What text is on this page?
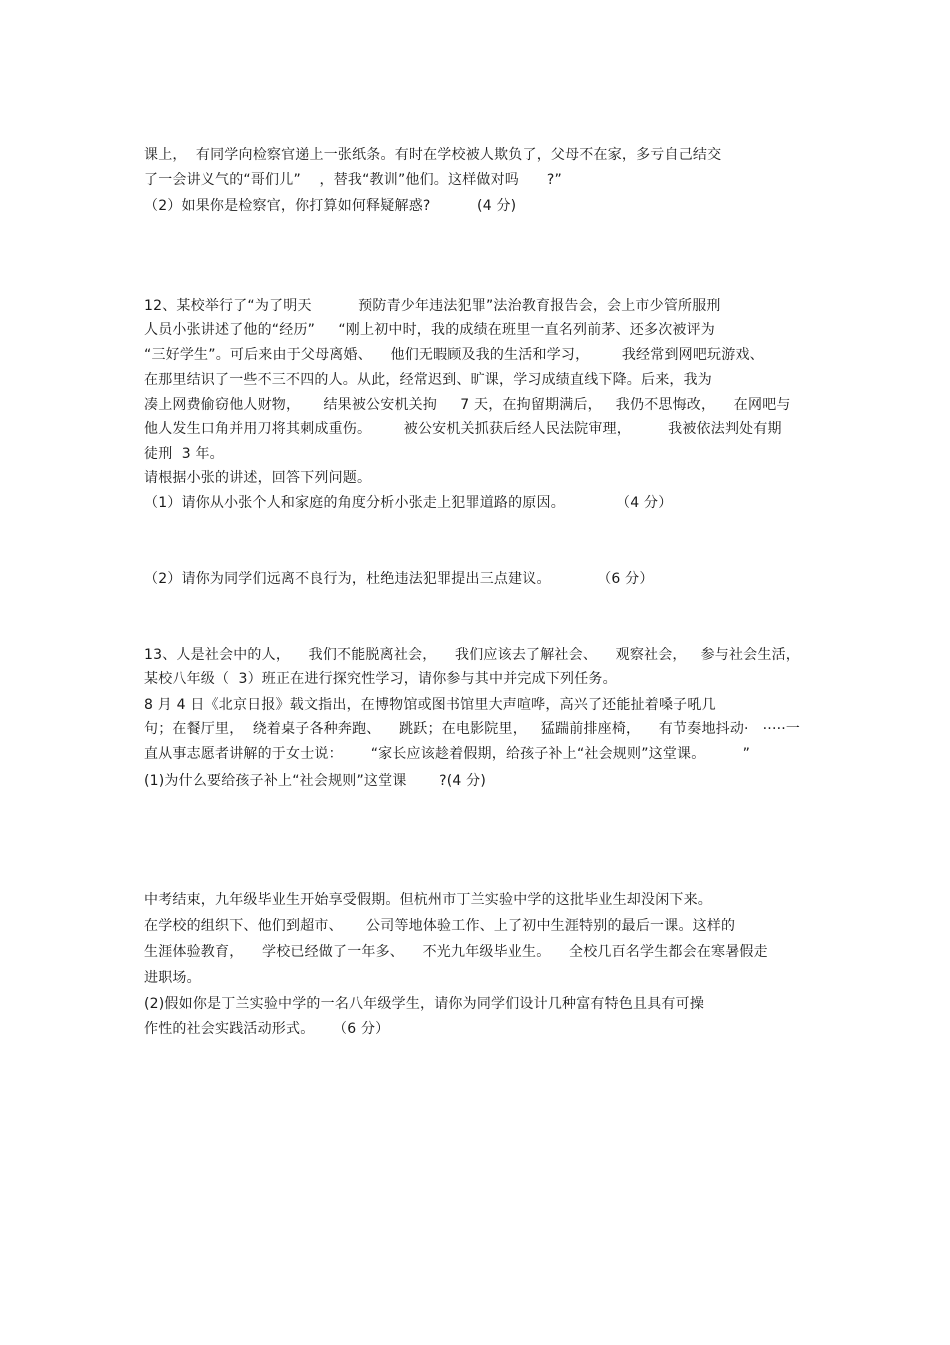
课上，  有同学向检察官递上一张纸条。有时在学校被人欺负了，父母不在家，多亏自己结交
了一会讲义气的“哥们儿”    ，替我“教训”他们。这样做对吗      ?”
（2）如果你是检察官，你打算如何释疑解惑?          (4 分)
12、某校举行了“为了明天          预防青少年违法犯罪”法治教育报告会，会上市少管所服刑
人员小张讲述了他的“经历”     “刚上初中时，我的成绩在班里一直名列前茅、还多次被评为
“三好学生”。可后来由于父母离婚、    他们无暇顾及我的生活和学习，       我经常到网吧玩游戏、
在那里结识了一些不三不四的人。从此，经常迟到、旷课，学习成绩直线下降。后来，我为
凑上网费偷窃他人财物，     结果被公安机关拘     7 天，在拘留期满后，   我仍不思悔改，    在网吧与
他人发生口角并用刀将其刺成重伤。       被公安机关抓获后经人民法院审理，        我被依法判处有期
徒刑  3 年。
请根据小张的讲述，回答下列问题。
（1）请你从小张个人和家庭的角度分析小张走上犯罪道路的原因。           （4 分）
（2）请你为同学们远离不良行为，杜绝违法犯罪提出三点建议。          （6 分）
13、人是社会中的人，    我们不能脱离社会，    我们应该去了解社会、    观察社会，   参与社会生活，
某校八年级（  3）班正在进行探究性学习，请你参与其中并完成下列任务。
8 月 4 日《北京日报》载文指出，在博物馆或图书馆里大声喧哗，高兴了还能扯着嗓子吼几
句；在餐厅里，  绕着桌子各种奔跑、    跳跃；在电影院里，   猛踹前排座椅，    有节奏地抖动·   ·····一
直从事志愿者讲解的于女士说：      “家长应该趁着假期，给孩子补上“社会规则”这堂课。        ”
(1)为什么要给孩子补上“社会规则”这堂课       ?(4 分)
中考结束，九年级毕业生开始享受假期。但杭州市丁兰实验中学的这批毕业生却没闲下来。
在学校的组织下、他们到超市、     公司等地体验工作、上了初中生涯特别的最后一课。这样的
生涯体验教育，    学校已经做了一年多、    不光九年级毕业生。    全校几百名学生都会在寒暑假走
进职场。
(2)假如你是丁兰实验中学的一名八年级学生，请你为同学们设计几种富有特色且具有可操
作性的社会实践活动形式。    （6 分）
